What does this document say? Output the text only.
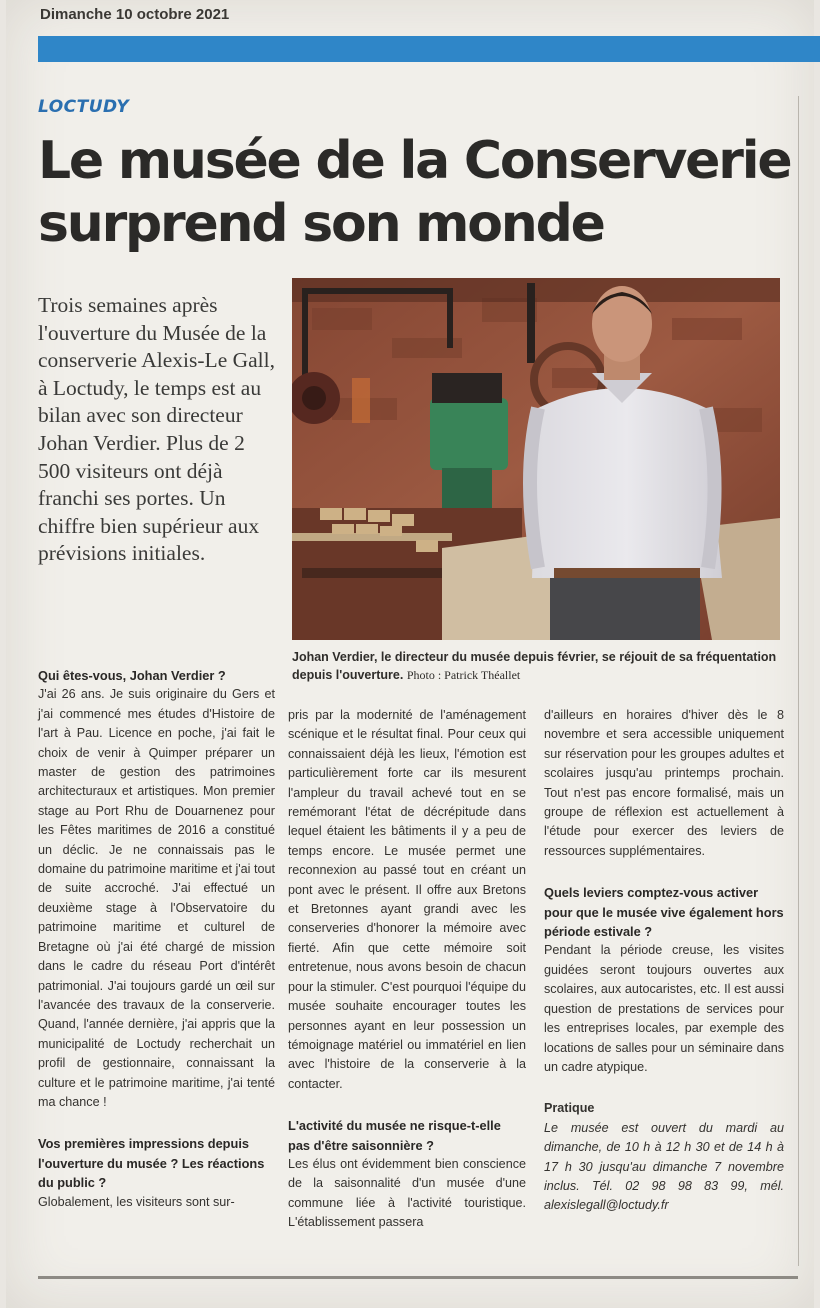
Dimanche 10 octobre 2021
LOCTUDY
Le musée de la Conserverie
surprend son monde
Trois semaines après l'ouverture du Musée de la conserverie Alexis-Le Gall, à Loctudy, le temps est au bilan avec son directeur Johan Verdier. Plus de 2 500 visiteurs ont déjà franchi ses portes. Un chiffre bien supérieur aux prévisions initiales.
Johan Verdier, le directeur du musée depuis février, se réjouit de sa fréquentation depuis l'ouverture. Photo : Patrick Théallet

Qui êtes-vous, Johan Verdier ?

J'ai 26 ans. Je suis originaire du Gers et j'ai commencé mes études d'Histoire de l'art à Pau. Licence en poche, j'ai fait le choix de venir à Quimper préparer un master de gestion des patrimoines architecturaux et artistiques. Mon premier stage au Port Rhu de Douarnenez pour les Fêtes maritimes de 2016 a constitué un déclic. Je ne connaissais pas le domaine du patrimoine maritime et j'ai tout de suite accroché. J'ai effectué un deuxième stage à l'Observatoire du patrimoine maritime et culturel de Bretagne où j'ai été chargé de mission dans le cadre du réseau Port d'intérêt patrimonial. J'ai toujours gardé un œil sur l'avancée des travaux de la conserverie. Quand, l'année dernière, j'ai appris que la municipalité de Loctudy recherchait un profil de gestionnaire, connaissant la culture et le patrimoine maritime, j'ai tenté ma chance !

Vos premières impressions depuis l'ouverture du musée ? Les réactions du public ?

Globalement, les visiteurs sont sur-

pris par la modernité de l'aménagement scénique et le résultat final. Pour ceux qui connaissaient déjà les lieux, l'émotion est particulièrement forte car ils mesurent l'ampleur du travail achevé tout en se remémorant l'état de décrépitude dans lequel étaient les bâtiments il y a peu de temps encore. Le musée permet une reconnexion au passé tout en créant un pont avec le présent. Il offre aux Bretons et Bretonnes ayant grandi avec les conserveries d'honorer la mémoire avec fierté. Afin que cette mémoire soit entretenue, nous avons besoin de chacun pour la stimuler. C'est pourquoi l'équipe du musée souhaite encourager toutes les personnes ayant en leur possession un témoignage matériel ou immatériel en lien avec l'histoire de la conserverie à la contacter.

L'activité du musée ne risque-t-elle pas d'être saisonnière ?

Les élus ont évidemment bien conscience de la saisonnalité d'un musée d'une commune liée à l'activité touristique. L'établissement passera

d'ailleurs en horaires d'hiver dès le 8 novembre et sera accessible uniquement sur réservation pour les groupes adultes et scolaires jusqu'au printemps prochain. Tout n'est pas encore formalisé, mais un groupe de réflexion est actuellement à l'étude pour exercer des leviers de ressources supplémentaires.

Quels leviers comptez-vous activer pour que le musée vive également hors période estivale ?

Pendant la période creuse, les visites guidées seront toujours ouvertes aux scolaires, aux autocaristes, etc. Il est aussi question de prestations de services pour les entreprises locales, par exemple des locations de salles pour un séminaire dans un cadre atypique.

Pratique

Le musée est ouvert du mardi au dimanche, de 10 h à 12 h 30 et de 14 h à 17 h 30 jusqu'au dimanche 7 novembre inclus. Tél. 02 98 98 83 99, mél. alexislegall@loctudy.fr
